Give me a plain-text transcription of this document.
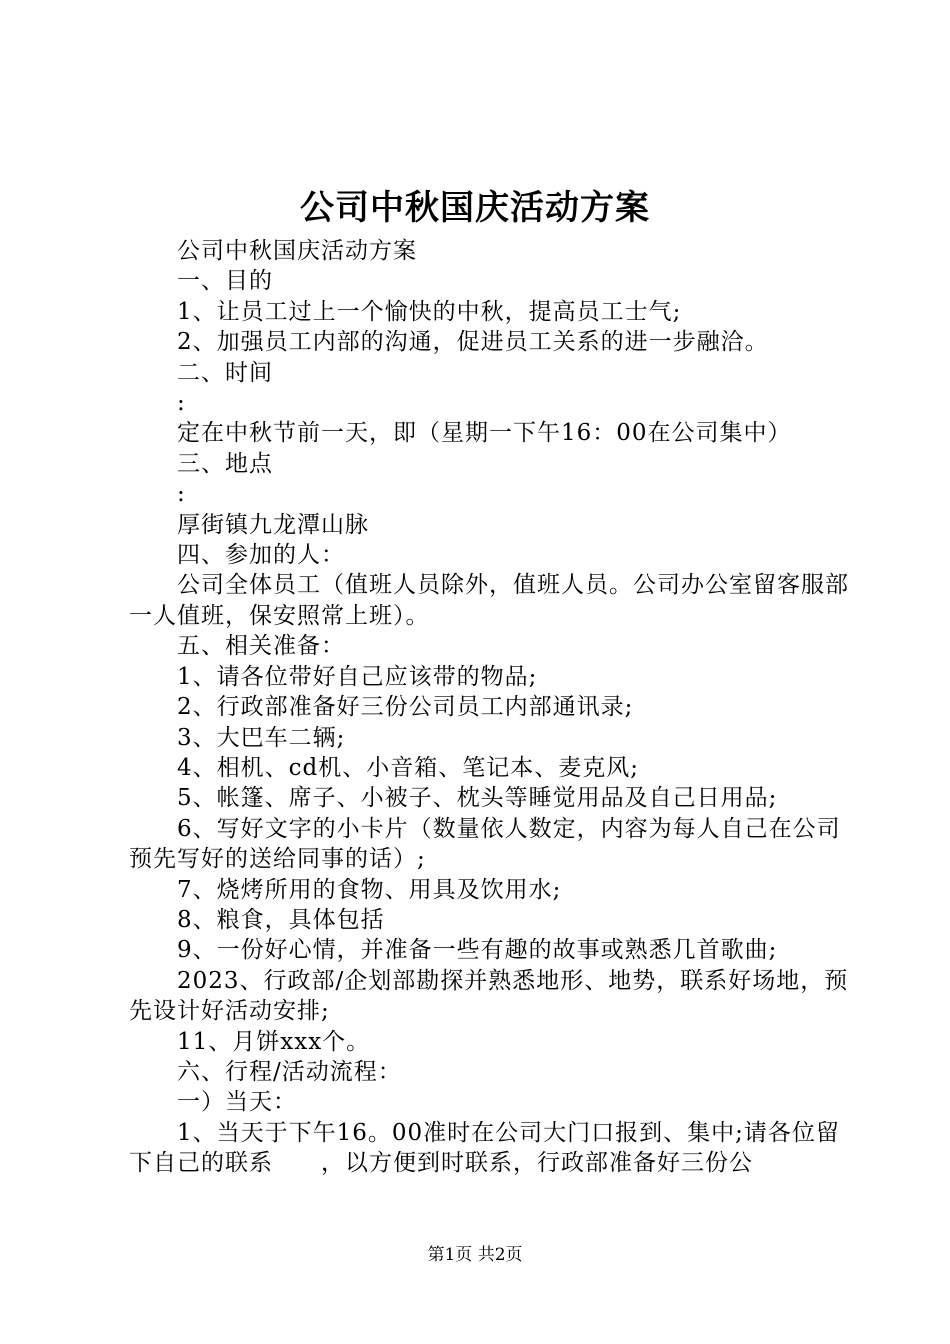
公司中秋国庆活动方案

公司中秋国庆活动方案

一、目的

1、让员工过上一个愉快的中秋，提高员工士气;

2、加强员工内部的沟通，促进员工关系的进一步融洽。

二、时间

:

定在中秋节前一天，即（星期一下午16：00在公司集中）

三、地点

:

厚街镇九龙潭山脉

四、参加的人：

公司全体员工（值班人员除外，值班人员。公司办公室留客服部一人值班，保安照常上班）。

五、相关准备：

1、请各位带好自己应该带的物品;

2、行政部准备好三份公司员工内部通讯录;

3、大巴车二辆;

4、相机、cd机、小音箱、笔记本、麦克风;

5、帐篷、席子、小被子、枕头等睡觉用品及自己日用品;

6、写好文字的小卡片（数量依人数定，内容为每人自己在公司预先写好的送给同事的话）;

7、烧烤所用的食物、用具及饮用水;

8、粮食，具体包括

9、一份好心情，并准备一些有趣的故事或熟悉几首歌曲;

2023、行政部/企划部勘探并熟悉地形、地势，联系好场地，预先设计好活动安排;

11、月饼xxx个。

六、行程/活动流程：

一）当天：

1、当天于下午16。00准时在公司大门口报到、集中;请各位留下自己的联系　　，以方便到时联系，行政部准备好三份公

第1页 共2页
